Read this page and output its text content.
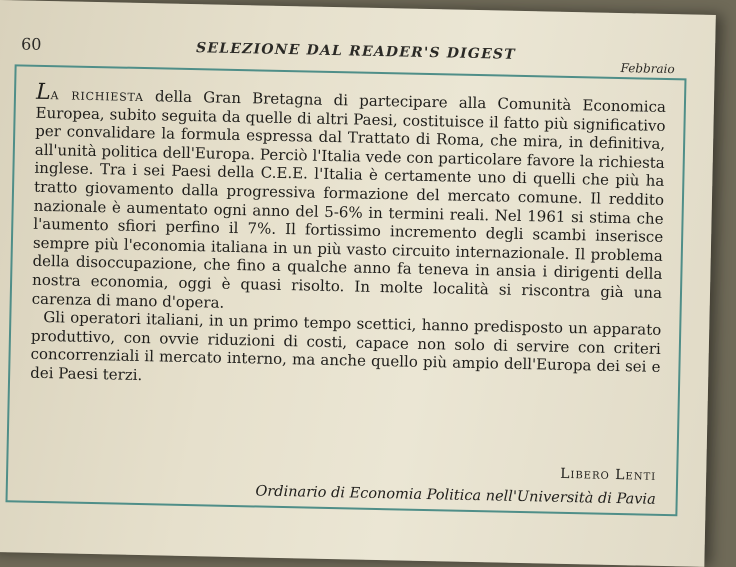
60	SELEZIONE DAL READER'S DIGEST
Febbraio

La richiesta della Gran Bretagna di partecipare alla Comunità Economica Europea, subito seguita da quelle di altri Paesi, costituisce il fatto più significativo per convalidare la formula espressa dal Trattato di Roma, che mira, in definitiva, all'unità politica dell'Europa. Perciò l'Italia vede con particolare favore la richiesta inglese. Tra i sei Paesi della C.E.E. l'Italia è certamente uno di quelli che più ha tratto giovamento dalla progressiva formazione del mercato comune. Il reddito nazionale è aumentato ogni anno del 5-6% in termini reali. Nel 1961 si stima che l'aumento sfiori perfino il 7%. Il fortissimo incremento degli scambi inserisce sempre più l'economia italiana in un più vasto circuito internazionale. Il problema della disoccupazione, che fino a qualche anno fa teneva in ansia i dirigenti della nostra economia, oggi è quasi risolto. In molte località si riscontra già una carenza di mano d'opera.

Gli operatori italiani, in un primo tempo scettici, hanno predisposto un apparato produttivo, con ovvie riduzioni di costi, capace non solo di servire con criteri concorrenziali il mercato interno, ma anche quello più ampio dell'Europa dei sei e dei Paesi terzi.

Libero Lenti
Ordinario di Economia Politica nell'Università di Pavia
